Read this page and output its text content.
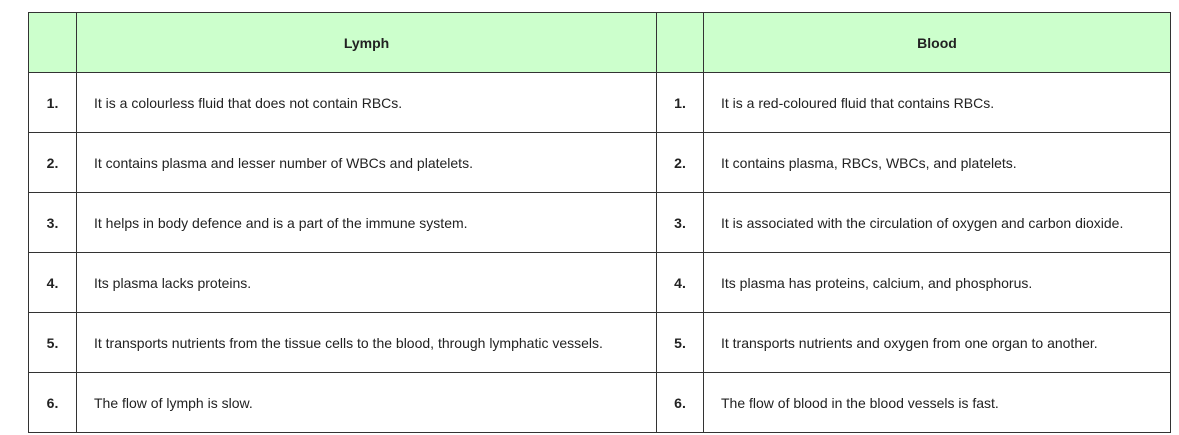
	Lymph		Blood
1.	It is a colourless fluid that does not contain RBCs.	1.	It is a red-coloured fluid that contains RBCs.
2.	It contains plasma and lesser number of WBCs and platelets.	2.	It contains plasma, RBCs, WBCs, and platelets.
3.	It helps in body defence and is a part of the immune system.	3.	It is associated with the circulation of oxygen and carbon dioxide.
4.	Its plasma lacks proteins.	4.	Its plasma has proteins, calcium, and phosphorus.
5.	It transports nutrients from the tissue cells to the blood, through lymphatic vessels.	5.	It transports nutrients and oxygen from one organ to another.
6.	The flow of lymph is slow.	6.	The flow of blood in the blood vessels is fast.
